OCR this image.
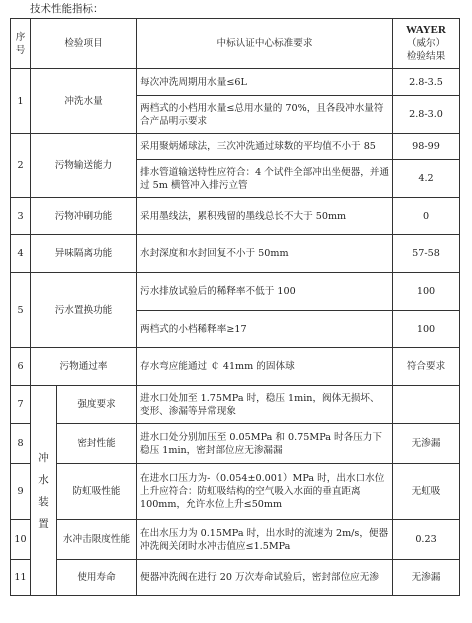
技术性能指标：
序号	检验项目		中标认证中心标准要求	WAYER
（威尔）
检验结果

1	冲洗水量		每次冲洗周期用水量≤6L	2.8-3.5
			两档式的小档用水量≤总用水量的 70%，且各段冲水量符合产品明示要求	2.8-3.0
2	污物输送能力		采用聚炳烯球法，三次冲洗通过球数的平均值不小于 85	98-99
			排水管道输送特性应符合：4 个试件全部冲出坐便器，并通过 5m 横管冲入排污立管	4.2
3	污物冲刷功能		采用墨线法，累积残留的墨线总长不大于 50mm	0
4	异味隔离功能		水封深度和水封回复不小于 50mm	57-58
5	污水置换功能		污水排放试验后的稀释率不低于 100	100
			两档式的小档稀释率≥17	100
6	污物通过率		存水弯应能通过 ￠ 41mm 的固体球	符合要求
7	冲水装置	强度要求	进水口处加至 1.75MPa 时，稳压 1min，阀体无损坏、变形、渗漏等异常现象	
8		密封性能	进水口处分别加压至 0.05MPa 和 0.75MPa 时各压力下稳压 1min，密封部位应无渗漏漏	无渗漏
9		防虹吸性能	在进水口压力为-（0.054±0.001）MPa 时，出水口水位上升应符合：防虹吸结构的空气吸入水面的垂直距离 100mm，允许水位上升≤50mm	无虹吸
10		水冲击限度性能	在出水压力为 0.15MPa 时，出水时的流速为 2m/s，便器冲洗阀关闭时水冲击值应≤1.5MPa	0.23
11		使用寿命	便器冲洗阀在进行 20 万次寿命试验后，密封部位应无渗	无渗漏
